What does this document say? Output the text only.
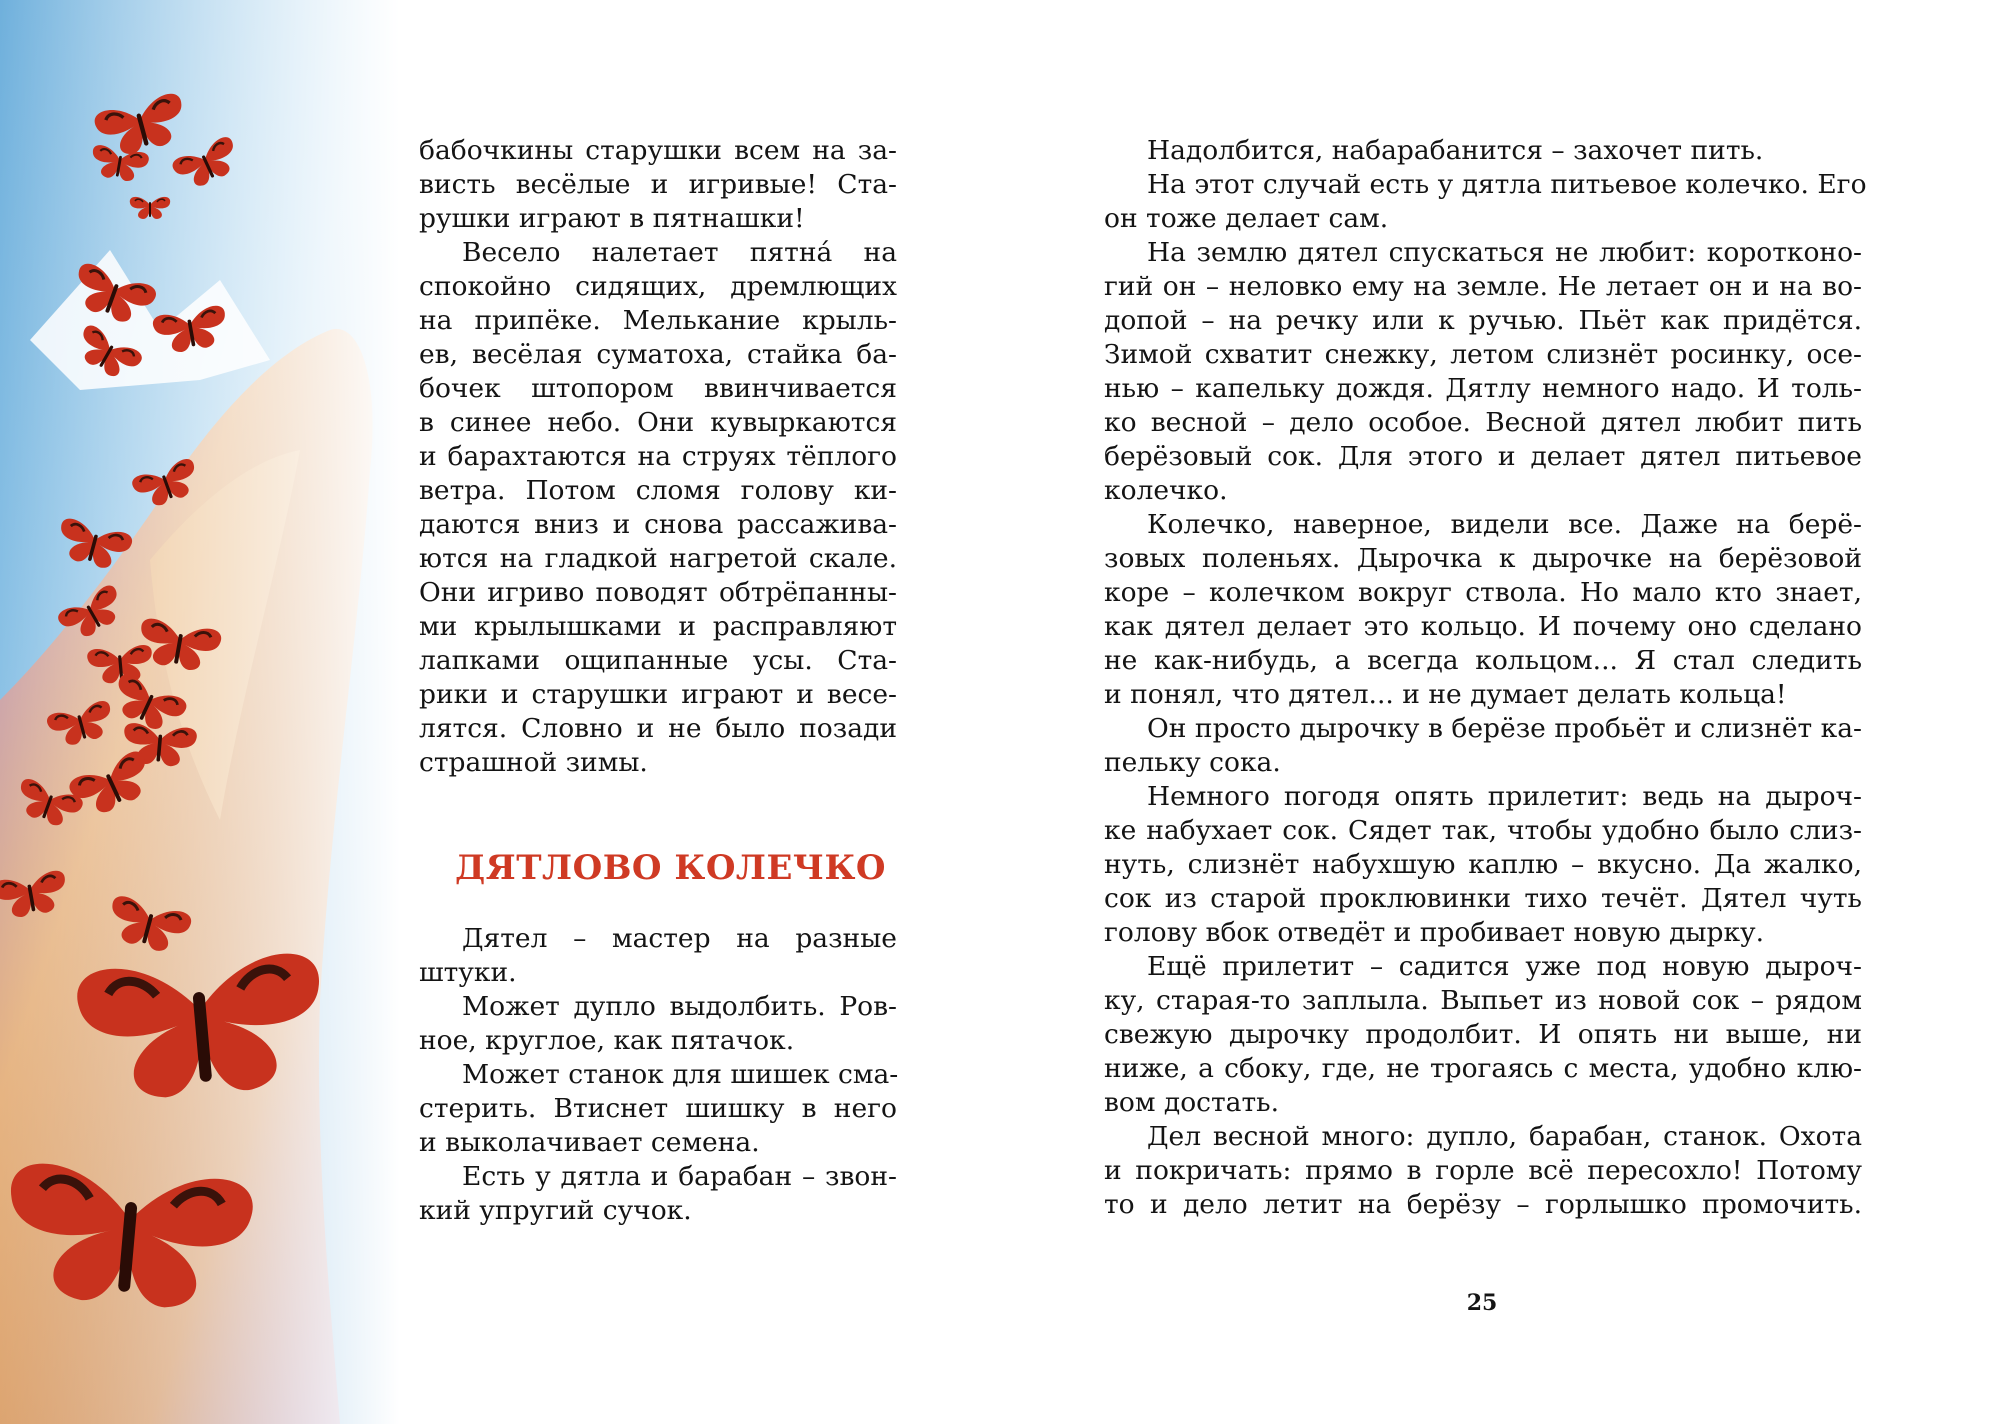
бабочкины старушки всем на за-
висть весёлые и игривые! Ста-
рушки играют в пятнашки!
Весело налетает пятна́ на
спокойно сидящих, дремлющих
на припёке. Мелькание крыль-
ев, весёлая суматоха, стайка ба-
бочек штопором ввинчивается
в синее небо. Они кувыркаются
и барахтаются на струях тёплого
ветра. Потом сломя голову ки-
даются вниз и снова рассажива-
ются на гладкой нагретой скале.
Они игриво поводят обтрёпанны-
ми крылышками и расправляют
лапками ощипанные усы. Ста-
рики и старушки играют и весе-
лятся. Словно и не было позади
страшной зимы.
Дятел – мастер на разные
штуки.
Может дупло выдолбить. Ров-
ное, круглое, как пятачок.
Может станок для шишек сма-
стерить. Втиснет шишку в него
и выколачивает семена.
Есть у дятла и барабан – звон-
кий упругий сучок.
ДЯТЛОВО КОЛЕЧКО
Надолбится, набарабанится – захочет пить.
На этот случай есть у дятла питьевое колечко. Его
он тоже делает сам.
На землю дятел спускаться не любит: коротконо-
гий он – неловко ему на земле. Не летает он и на во-
допой – на речку или к ручью. Пьёт как придётся.
Зимой схватит снежку, летом слизнёт росинку, осе-
нью – капельку дождя. Дятлу немного надо. И толь-
ко весной – дело особое. Весной дятел любит пить
берёзовый сок. Для этого и делает дятел питьевое
колечко.
Колечко, наверное, видели все. Даже на берё-
зовых поленьях. Дырочка к дырочке на берёзовой
коре – колечком вокруг ствола. Но мало кто знает,
как дятел делает это кольцо. И почему оно сделано
не как-нибудь, а всегда кольцом... Я стал следить
и понял, что дятел... и не думает делать кольца!
Он просто дырочку в берёзе пробьёт и слизнёт ка-
пельку сока.
Немного погодя опять прилетит: ведь на дыроч-
ке набухает сок. Сядет так, чтобы удобно было слиз-
нуть, слизнёт набухшую каплю – вкусно. Да жалко,
сок из старой проклювинки тихо течёт. Дятел чуть
голову вбок отведёт и пробивает новую дырку.
Ещё прилетит – садится уже под новую дыроч-
ку, старая-то заплыла. Выпьет из новой сок – рядом
свежую дырочку продолбит. И опять ни выше, ни
ниже, а сбоку, где, не трогаясь с места, удобно клю-
вом достать.
Дел весной много: дупло, барабан, станок. Охота
и покричать: прямо в горле всё пересохло! Потому
то и дело летит на берёзу – горлышко промочить.
25
